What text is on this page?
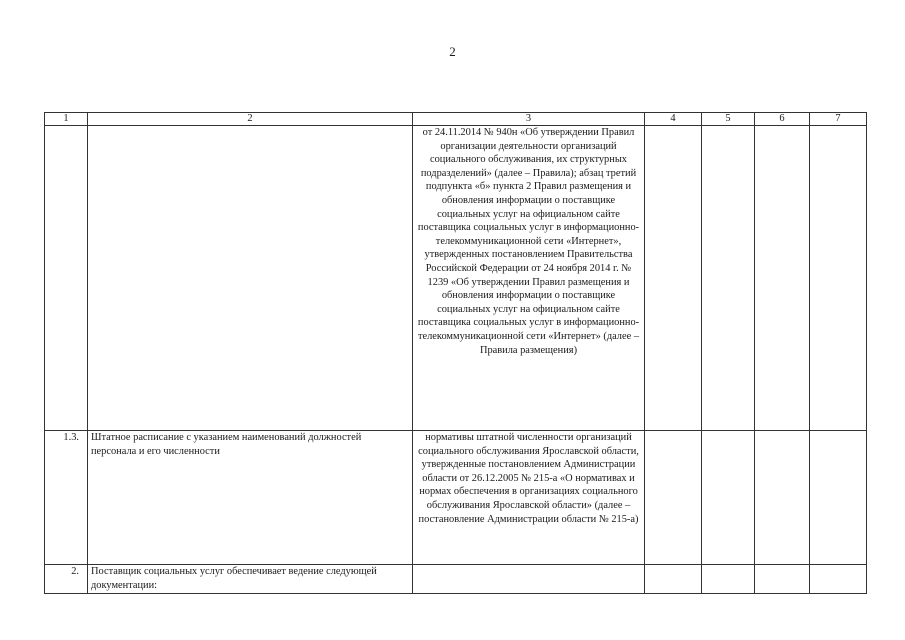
2
1	2	3	4	5	6	7
		от 24.11.2014 № 940н «Об утверждении Правил организации деятельности организаций социального обслуживания, их структурных подразделений» (далее – Правила); абзац третий подпункта «б» пункта 2 Правил размещения и обновления информации о поставщике социальных услуг на официальном сайте поставщика социальных услуг в информационно-телекоммуникационной сети «Интернет», утвержденных постановлением Правительства Российской Федерации от 24 ноября 2014 г. № 1239 «Об утверждении Правил размещения и обновления информации о поставщике социальных услуг на официальном сайте поставщика социальных услуг в информационно-телекоммуникационной сети «Интернет» (далее – Правила размещения)				
1.3.	Штатное расписание с указанием наименований должностей персонала и его численности	нормативы штатной численности организаций социального обслуживания Ярославской области, утвержденные постановлением Администрации области от 26.12.2005 № 215-а «О нормативах и нормах обеспечения в организациях социального обслуживания Ярославской области» (далее – постановление Администрации области № 215-а)				
2.	Поставщик социальных услуг обеспечивает ведение следующей документации:					
